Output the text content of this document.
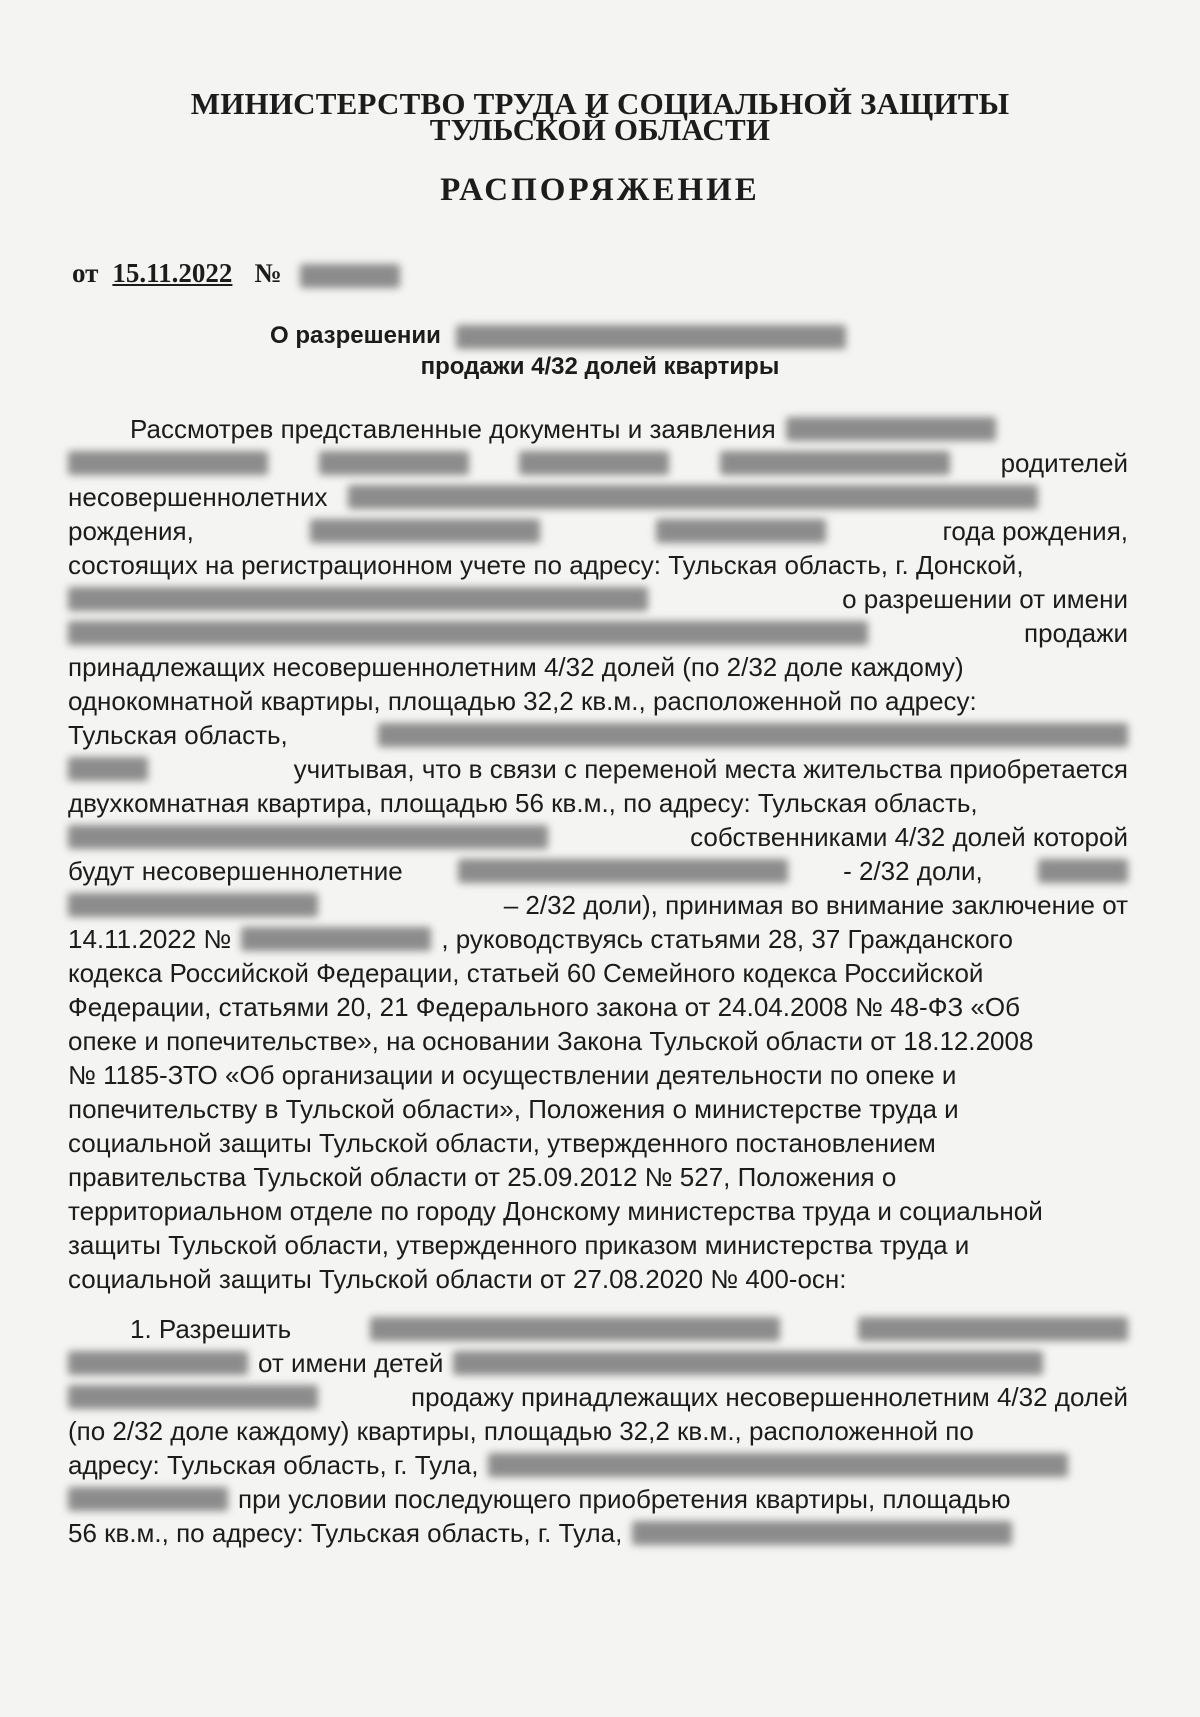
МИНИСТЕРСТВО ТРУДА И СОЦИАЛЬНОЙ ЗАЩИТЫ
ТУЛЬСКОЙ ОБЛАСТИ
РАСПОРЯЖЕНИЕ
от 15.11.2022 №
О разрешении
продажи 4/32 долей квартиры
Рассмотрев представленные документы и заявления
родителей
несовершеннолетних
рождения,	года рождения,
состоящих на регистрационном учете по адресу: Тульская область, г. Донской,
о разрешении от имени
продажи
принадлежащих несовершеннолетним 4/32 долей (по 2/32 доле каждому)
однокомнатной квартиры, площадью 32,2 кв.м., расположенной по адресу:
Тульская область,
учитывая, что в связи с переменой места жительства приобретается
двухкомнатная квартира, площадью 56 кв.м., по адресу: Тульская область,
собственниками 4/32 долей которой
будут несовершеннолетние	- 2/32 доли,
– 2/32 доли), принимая во внимание заключение от
14.11.2022 №	, руководствуясь статьями 28, 37 Гражданского
кодекса Российской Федерации, статьей 60 Семейного кодекса Российской
Федерации, статьями 20, 21 Федерального закона от 24.04.2008 № 48-ФЗ «Об
опеке и попечительстве», на основании Закона Тульской области от 18.12.2008
№ 1185-ЗТО «Об организации и осуществлении деятельности по опеке и
попечительству в Тульской области», Положения о министерстве труда и
социальной защиты Тульской области, утвержденного постановлением
правительства Тульской области от 25.09.2012 № 527, Положения о
территориальном отделе по городу Донскому министерства труда и социальной
защиты Тульской области, утвержденного приказом министерства труда и
социальной защиты Тульской области от 27.08.2020 № 400-осн:
1. Разрешить
от имени детей
продажу принадлежащих несовершеннолетним 4/32 долей
(по 2/32 доле каждому) квартиры, площадью 32,2 кв.м., расположенной по
адресу: Тульская область, г. Тула,
при условии последующего приобретения квартиры, площадью
56 кв.м., по адресу: Тульская область, г. Тула,
